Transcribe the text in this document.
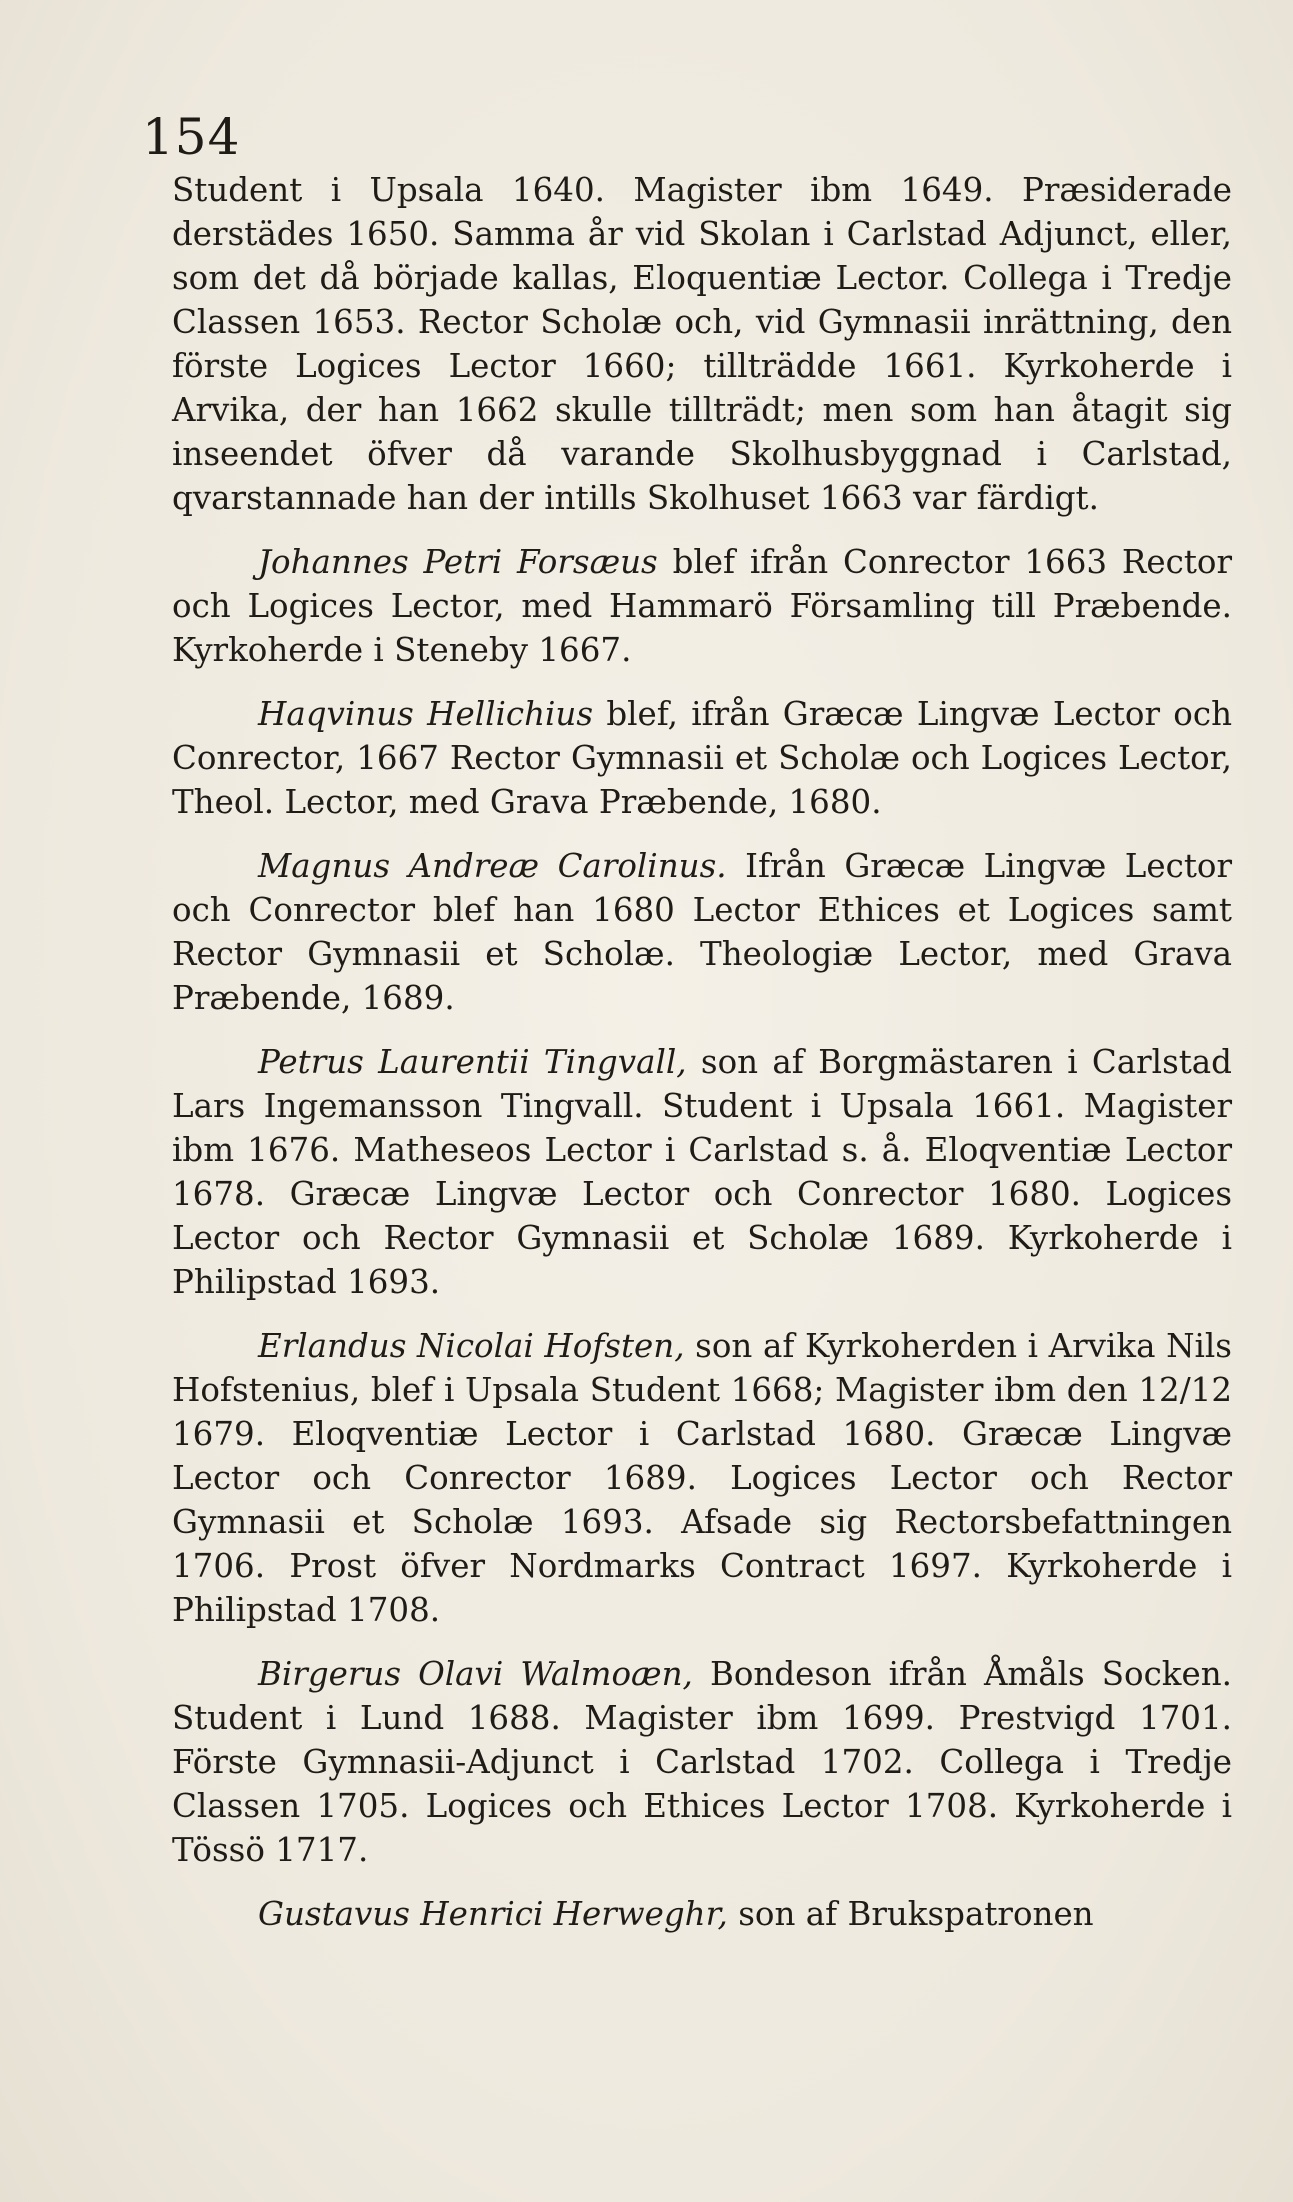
154

Student i Upsala 1640. Magister ibm 1649. Præsiderade derstädes 1650. Samma år vid Skolan i Carlstad Adjunct, eller, som det då började kallas, Eloquentiæ Lector. Collega i Tredje Classen 1653. Rector Scholæ och, vid Gymnasii inrättning, den förste Logices Lector 1660; tillträdde 1661. Kyrkoherde i Arvika, der han 1662 skulle tillträdt; men som han åtagit sig inseendet öfver då varande Skolhusbyggnad i Carlstad, qvarstannade han der intills Skolhuset 1663 var färdigt.

Johannes Petri Forsæus blef ifrån Conrector 1663 Rector och Logices Lector, med Hammarö Församling till Præbende. Kyrkoherde i Steneby 1667.

Haqvinus Hellichius blef, ifrån Græcæ Lingvæ Lector och Conrector, 1667 Rector Gymnasii et Scholæ och Logices Lector, Theol. Lector, med Grava Præbende, 1680.

Magnus Andreæ Carolinus. Ifrån Græcæ Lingvæ Lector och Conrector blef han 1680 Lector Ethices et Logices samt Rector Gymnasii et Scholæ. Theologiæ Lector, med Grava Præbende, 1689.

Petrus Laurentii Tingvall, son af Borgmästaren i Carlstad Lars Ingemansson Tingvall. Student i Upsala 1661. Magister ibm 1676. Matheseos Lector i Carlstad s. å. Eloqventiæ Lector 1678. Græcæ Lingvæ Lector och Conrector 1680. Logices Lector och Rector Gymnasii et Scholæ 1689. Kyrkoherde i Philipstad 1693.

Erlandus Nicolai Hofsten, son af Kyrkoherden i Arvika Nils Hofstenius, blef i Upsala Student 1668; Magister ibm den 12/12 1679. Eloqventiæ Lector i Carlstad 1680. Græcæ Lingvæ Lector och Conrector 1689. Logices Lector och Rector Gymnasii et Scholæ 1693. Afsade sig Rectorsbefattningen 1706. Prost öfver Nordmarks Contract 1697. Kyrkoherde i Philipstad 1708.

Birgerus Olavi Walmoæn, Bondeson ifrån Åmåls Socken. Student i Lund 1688. Magister ibm 1699. Prestvigd 1701. Förste Gymnasii-Adjunct i Carlstad 1702. Collega i Tredje Classen 1705. Logices och Ethices Lector 1708. Kyrkoherde i Tössö 1717.

Gustavus Henrici Herweghr, son af Brukspatronen
